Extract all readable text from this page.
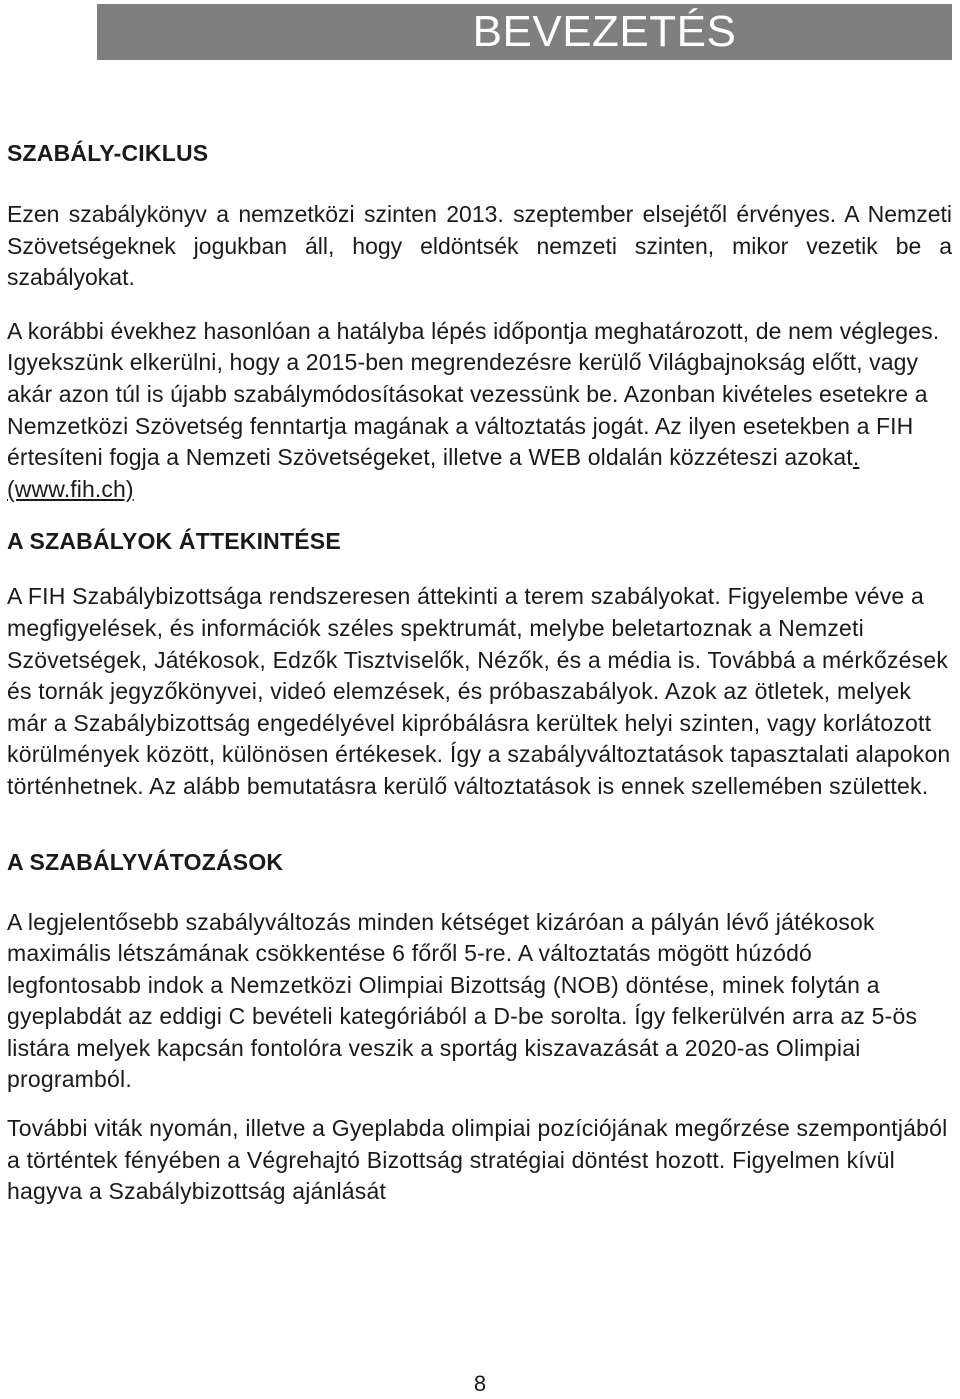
BEVEZETÉS
SZABÁLY-CIKLUS

Ezen szabálykönyv a nemzetközi szinten 2013. szeptember elsejétől érvényes. A Nemzeti Szövetségeknek jogukban áll, hogy eldöntsék nemzeti szinten, mikor vezetik be a szabályokat.

A korábbi évekhez hasonlóan a hatályba lépés időpontja meghatározott, de nem végleges. Igyekszünk elkerülni, hogy a 2015-ben megrendezésre kerülő Világbajnokság előtt, vagy akár azon túl is újabb szabálymódosításokat vezessünk be. Azonban kivételes esetekre a Nemzetközi Szövetség fenntartja magának a változtatás jogát. Az ilyen esetekben a FIH értesíteni fogja a Nemzeti Szövetségeket, illetve a WEB oldalán közzéteszi azokat. (www.fih.ch)

A SZABÁLYOK ÁTTEKINTÉSE

A FIH Szabálybizottsága rendszeresen áttekinti a terem szabályokat. Figyelembe véve a megfigyelések, és információk széles spektrumát, melybe beletartoznak a Nemzeti Szövetségek, Játékosok, Edzők Tisztviselők, Nézők, és a média is. Továbbá a mérkőzések és tornák jegyzőkönyvei, videó elemzések, és próbaszabályok. Azok az ötletek, melyek már a Szabálybizottság engedélyével kipróbálásra kerültek helyi szinten, vagy korlátozott körülmények között, különösen értékesek. Így a szabályváltoztatások tapasztalati alapokon történhetnek. Az alább bemutatásra kerülő változtatások is ennek szellemében születtek.

A SZABÁLYVÁTOZÁSOK

A legjelentősebb szabályváltozás minden kétséget kizáróan a pályán lévő játékosok maximális létszámának csökkentése 6 főről 5-re. A változtatás mögött húzódó legfontosabb indok a Nemzetközi Olimpiai Bizottság (NOB) döntése, minek folytán a gyeplabdát az eddigi C bevételi kategóriából a D-be sorolta. Így felkerülvén arra az 5-ös listára melyek kapcsán fontolóra veszik a sportág kiszavazását a 2020-as Olimpiai programból.

További viták nyomán, illetve a Gyeplabda olimpiai pozíciójának megőrzése szempontjából a történtek fényében a Végrehajtó Bizottság stratégiai döntést hozott. Figyelmen kívül hagyva a Szabálybizottság ajánlását

8
